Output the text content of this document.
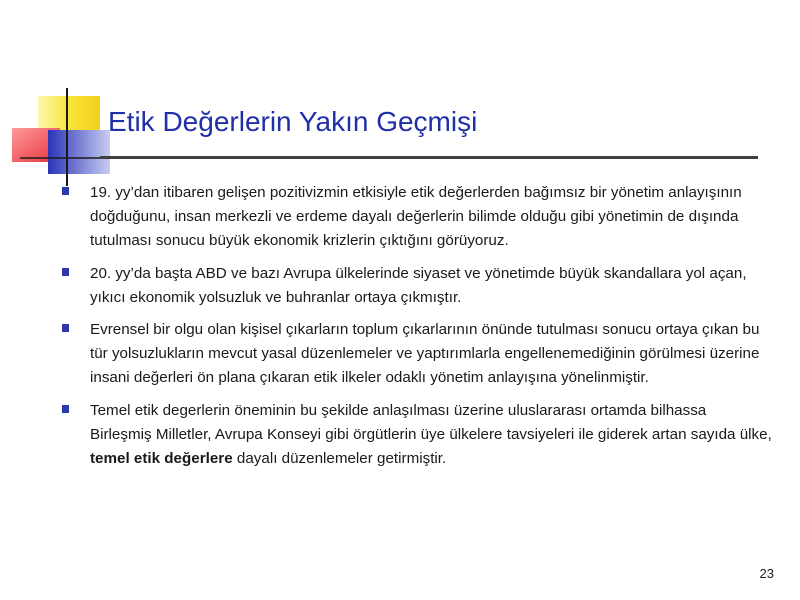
Etik Değerlerin Yakın Geçmişi
19. yy’dan itibaren gelişen pozitivizmin etkisiyle etik değerlerden bağımsız bir yönetim anlayışının doğduğunu, insan merkezli ve erdeme dayalı değerlerin bilimde olduğu gibi yönetimin de dışında tutulması sonucu büyük ekonomik krizlerin çıktığını görüyoruz.
20. yy’da başta ABD ve bazı Avrupa ülkelerinde siyaset ve yönetimde büyük skandallara yol açan, yıkıcı ekonomik yolsuzluk ve buhranlar ortaya çıkmıştır.
Evrensel bir olgu olan kişisel çıkarların toplum çıkarlarının önünde tutulması sonucu ortaya çıkan bu tür yolsuzlukların mevcut yasal düzenlemeler ve yaptırımlarla engellenemediğinin görülmesi üzerine insani değerleri ön plana çıkaran etik ilkeler odaklı yönetim anlayışına yönelinmiştir.
Temel etik degerlerin öneminin bu şekilde anlaşılması üzerine uluslararası ortamda bilhassa Birleşmiş Milletler, Avrupa Konseyi gibi örgütlerin üye ülkelere tavsiyeleri ile giderek artan sayıda ülke, temel etik değerlere dayalı düzenlemeler getirmiştir.
23
